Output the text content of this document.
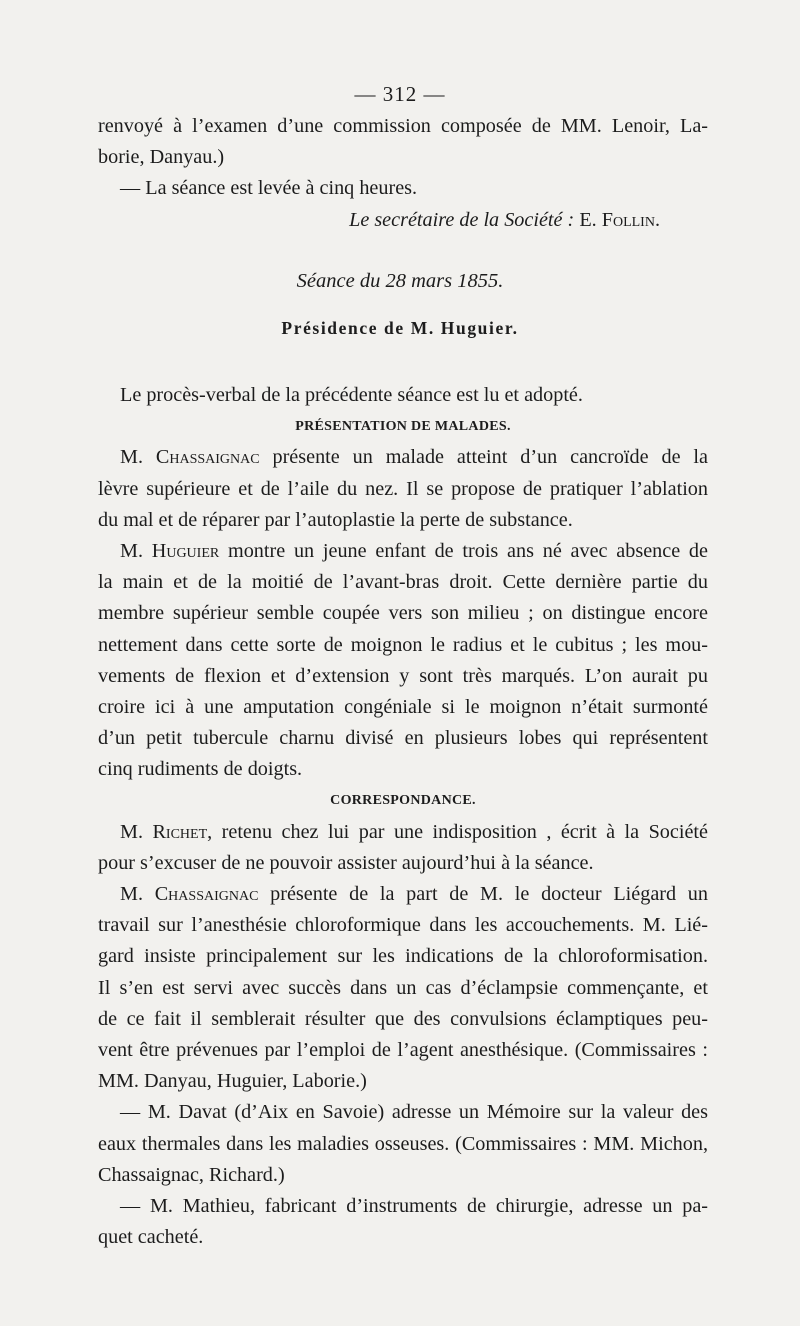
— 312 —
renvoyé à l’examen d’une commission composée de MM. Lenoir, La-
borie, Danyau.)
— La séance est levée à cinq heures.
Le secrétaire de la Société : E. Follin.
Séance du 28 mars 1855.
Présidence de M. Huguier.
Le procès-verbal de la précédente séance est lu et adopté.
PRÉSENTATION DE MALADES.
M. Chassaignac présente un malade atteint d’un cancroïde de la
lèvre supérieure et de l’aile du nez. Il se propose de pratiquer l’ablation
du mal et de réparer par l’autoplastie la perte de substance.
M. Huguier montre un jeune enfant de trois ans né avec absence de
la main et de la moitié de l’avant-bras droit. Cette dernière partie du
membre supérieur semble coupée vers son milieu ; on distingue encore
nettement dans cette sorte de moignon le radius et le cubitus ; les mou-
vements de flexion et d’extension y sont très marqués. L’on aurait pu
croire ici à une amputation congéniale si le moignon n’était surmonté
d’un petit tubercule charnu divisé en plusieurs lobes qui représentent
cinq rudiments de doigts.
CORRESPONDANCE.
M. Richet, retenu chez lui par une indisposition , écrit à la Société
pour s’excuser de ne pouvoir assister aujourd’hui à la séance.
M. Chassaignac présente de la part de M. le docteur Liégard un
travail sur l’anesthésie chloroformique dans les accouchements. M. Lié-
gard insiste principalement sur les indications de la chloroformisation.
Il s’en est servi avec succès dans un cas d’éclampsie commençante, et
de ce fait il semblerait résulter que des convulsions éclamptiques peu-
vent être prévenues par l’emploi de l’agent anesthésique. (Commissaires :
MM. Danyau, Huguier, Laborie.)
— M. Davat (d’Aix en Savoie) adresse un Mémoire sur la valeur des
eaux thermales dans les maladies osseuses. (Commissaires : MM. Michon,
Chassaignac, Richard.)
— M. Mathieu, fabricant d’instruments de chirurgie, adresse un pa-
quet cacheté.
